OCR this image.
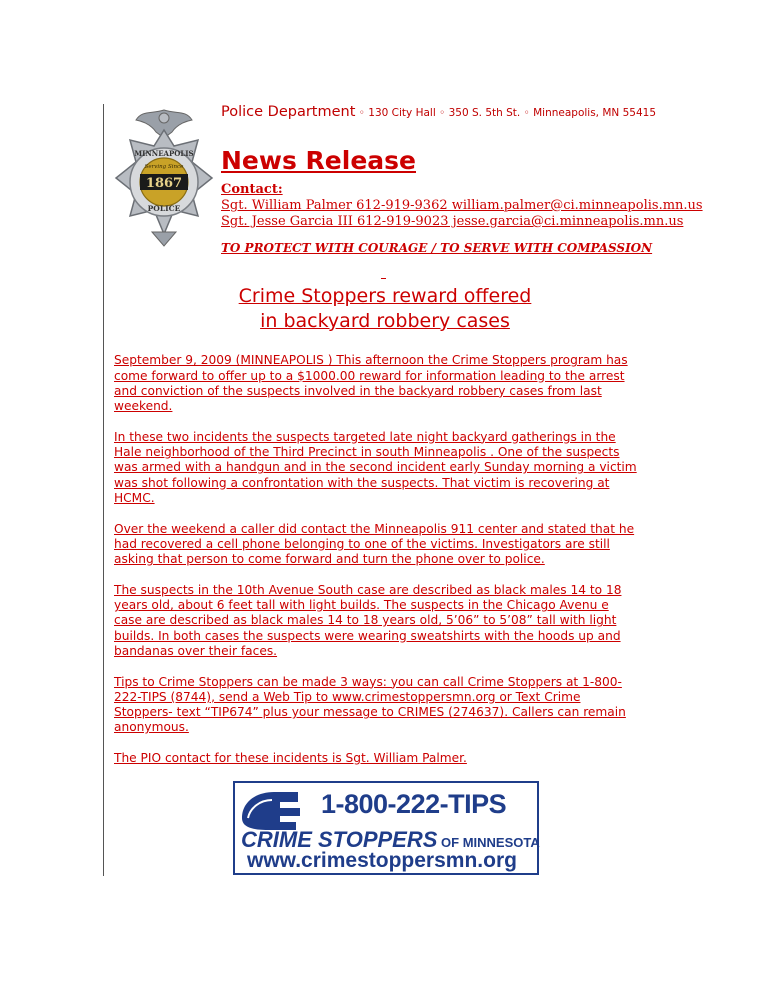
1867
Serving Since
MINNEAPOLIS
POLICE
Police Department ◦ 130 City Hall ◦ 350 S. 5th St. ◦ Minneapolis, MN 55415
News Release
Contact:
Sgt. William Palmer 612-919-9362 william.palmer@ci.minneapolis.mn.us
Sgt. Jesse Garcia III 612-919-9023 jesse.garcia@ci.minneapolis.mn.us
TO PROTECT WITH COURAGE / TO SERVE WITH COMPASSION
Crime Stoppers reward offered
in backyard robbery cases

September 9, 2009 (MINNEAPOLIS ) This afternoon the Crime Stoppers program has

come forward to offer up to a $1000.00 reward for information leading to the arrest

and conviction of the suspects involved in the backyard robbery cases from last

weekend.

In these two incidents the suspects targeted late night backyard gatherings in the

Hale neighborhood of the Third Precinct in south Minneapolis . One of the suspects

was armed with a handgun and in the second incident early Sunday morning a victim

was shot following a confrontation with the suspects. That victim is recovering at

HCMC.

Over the weekend a caller did contact the Minneapolis 911 center and stated that he

had recovered a cell phone belonging to one of the victims. Investigators are still

asking that person to come forward and turn the phone over to police.

The suspects in the 10th Avenue South case are described as black males 14 to 18

years old, about 6 feet tall with light builds. The suspects in the Chicago Avenu e

case are described as black males 14 to 18 years old, 5’06” to 5’08” tall with light

builds. In both cases the suspects were wearing sweatshirts with the hoods up and

bandanas over their faces.

Tips to Crime Stoppers can be made 3 ways: you can call Crime Stoppers at 1-800-

222-TIPS (8744), send a Web Tip to www.crimestoppersmn.org or Text Crime

Stoppers- text “TIP674” plus your message to CRIMES (274637). Callers can remain

anonymous.

The PIO contact for these incidents is Sgt. William Palmer.

1-800-222-TIPS
CRIME STOPPERS OF MINNESOTA
www.crimestoppersmn.org
